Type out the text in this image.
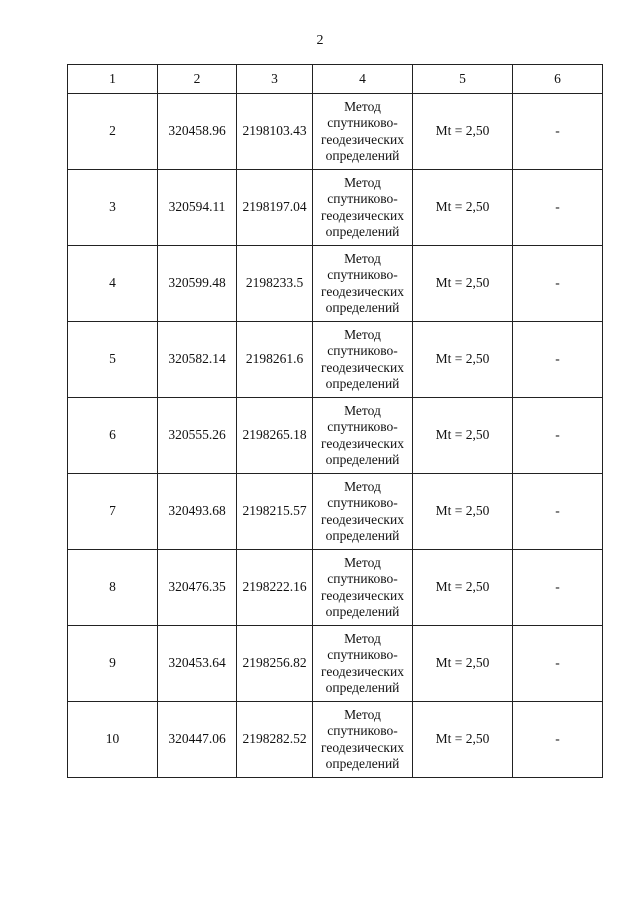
2
1	2	3	4	5	6
2	320458.96	2198103.43	Метод спутниково-геодезических определений	Mt = 2,50	-
3	320594.11	2198197.04	Метод спутниково-геодезических определений	Mt = 2,50	-
4	320599.48	2198233.5	Метод спутниково-геодезических определений	Mt = 2,50	-
5	320582.14	2198261.6	Метод спутниково-геодезических определений	Mt = 2,50	-
6	320555.26	2198265.18	Метод спутниково-геодезических определений	Mt = 2,50	-
7	320493.68	2198215.57	Метод спутниково-геодезических определений	Mt = 2,50	-
8	320476.35	2198222.16	Метод спутниково-геодезических определений	Mt = 2,50	-
9	320453.64	2198256.82	Метод спутниково-геодезических определений	Mt = 2,50	-
10	320447.06	2198282.52	Метод спутниково-геодезических определений	Mt = 2,50	-
